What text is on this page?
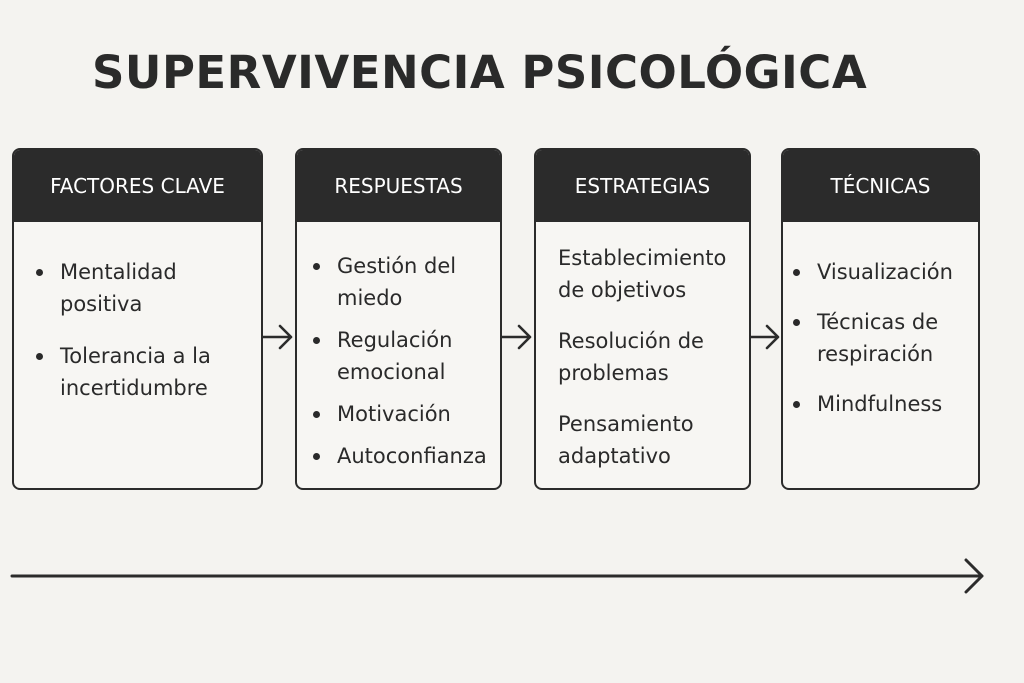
SUPERVIVENCIA PSICOLÓGICA
FACTORES CLAVE
Mentalidad positiva
Tolerancia a la incertidumbre
RESPUESTAS
Gestión del miedo
Regulación emocional
Motivación
Autoconfianza
ESTRATEGIAS
Establecimiento de objetivos
Resolución de problemas
Pensamiento adaptativo
TÉCNICAS
Visualización
Técnicas de respiración
Mindfulness
